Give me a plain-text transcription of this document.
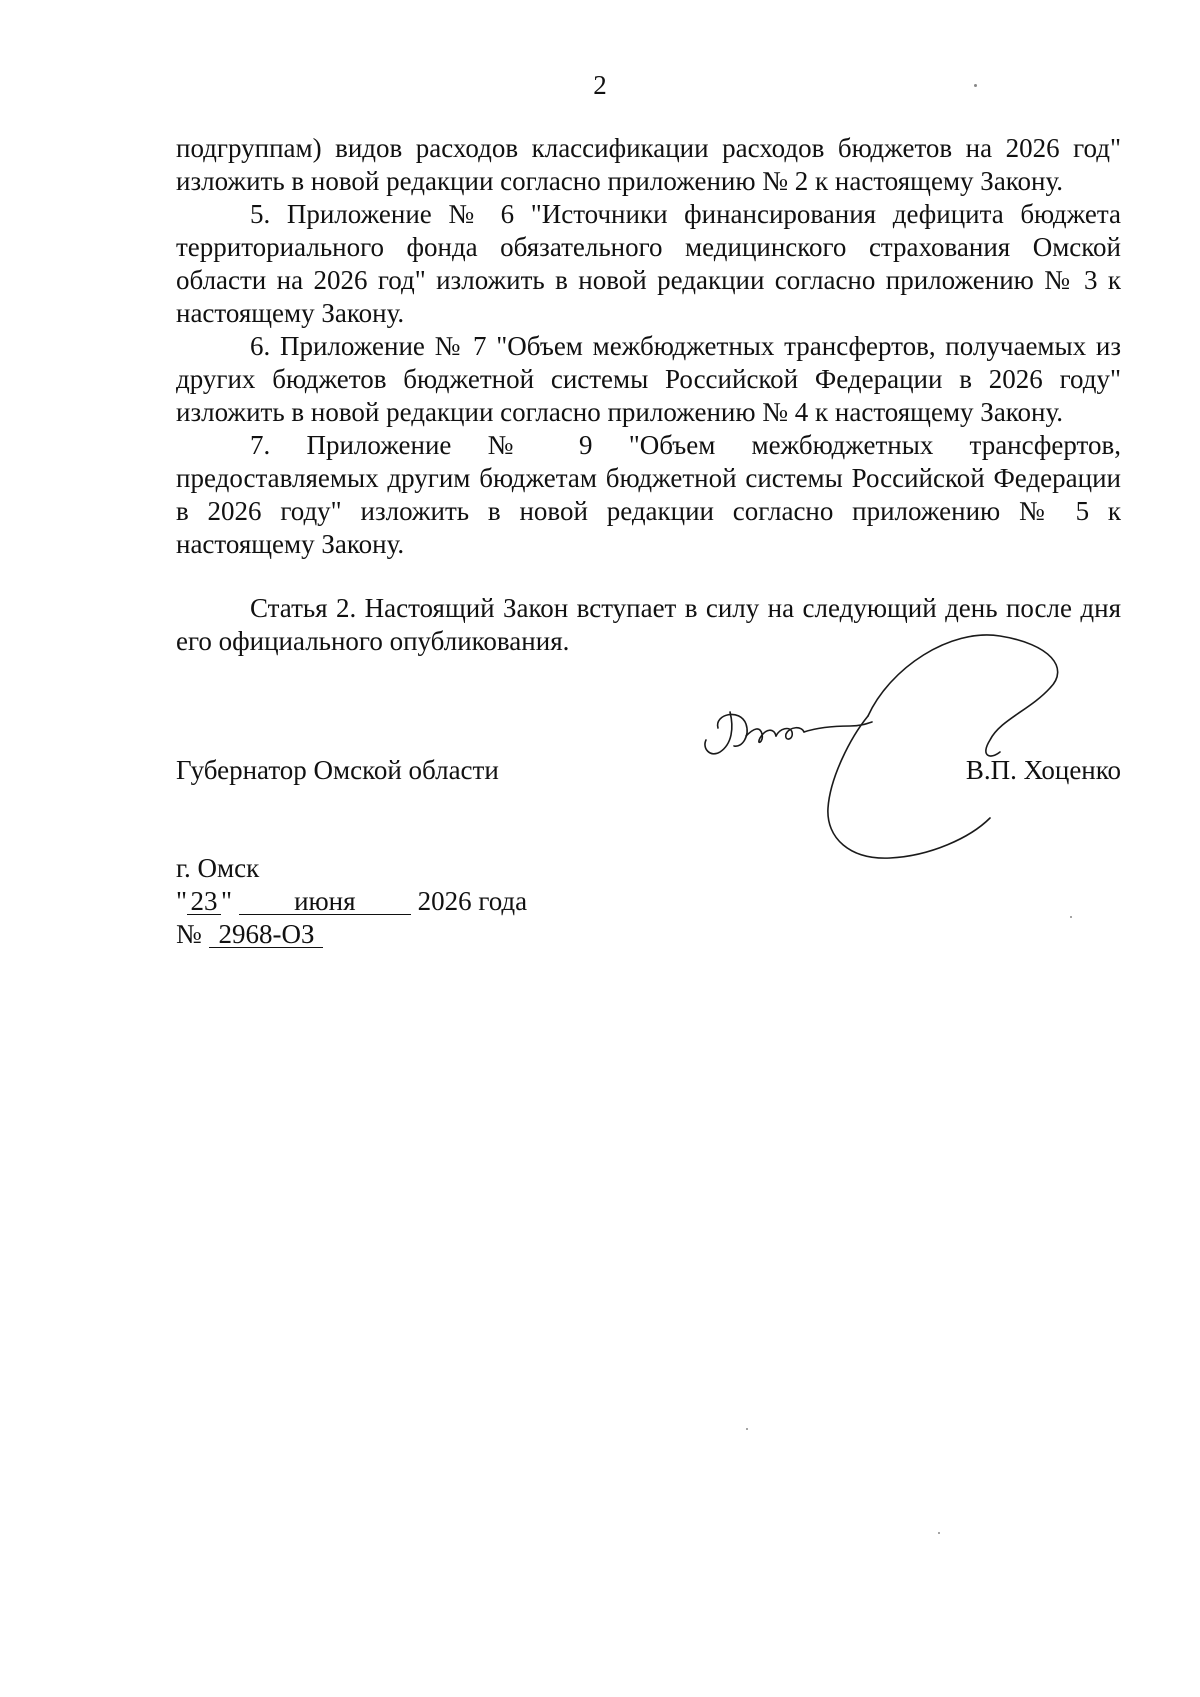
2

подгруппам) видов расходов классификации расходов бюджетов на 2026 год" изложить в новой редакции согласно приложению № 2 к настоящему Закону.

5. Приложение № 6 "Источники финансирования дефицита бюджета территориального фонда обязательного медицинского страхования Омской области на 2026 год" изложить в новой редакции согласно приложению № 3 к настоящему Закону.

6. Приложение № 7 "Объем межбюджетных трансфертов, получаемых из других бюджетов бюджетной системы Российской Федерации в 2026 году" изложить в новой редакции согласно приложению № 4 к настоящему Закону.

7. Приложение № 9 "Объем межбюджетных трансфертов, предоставляемых другим бюджетам бюджетной системы Российской Федерации в 2026 году" изложить в новой редакции согласно приложению № 5 к настоящему Закону.

Статья 2. Настоящий Закон вступает в силу на следующий день после дня его официального опубликования.
Губернатор Омской области	В.П. Хоценко
г. Омск
" 23 " июня 2026 года
№ 2968-ОЗ
